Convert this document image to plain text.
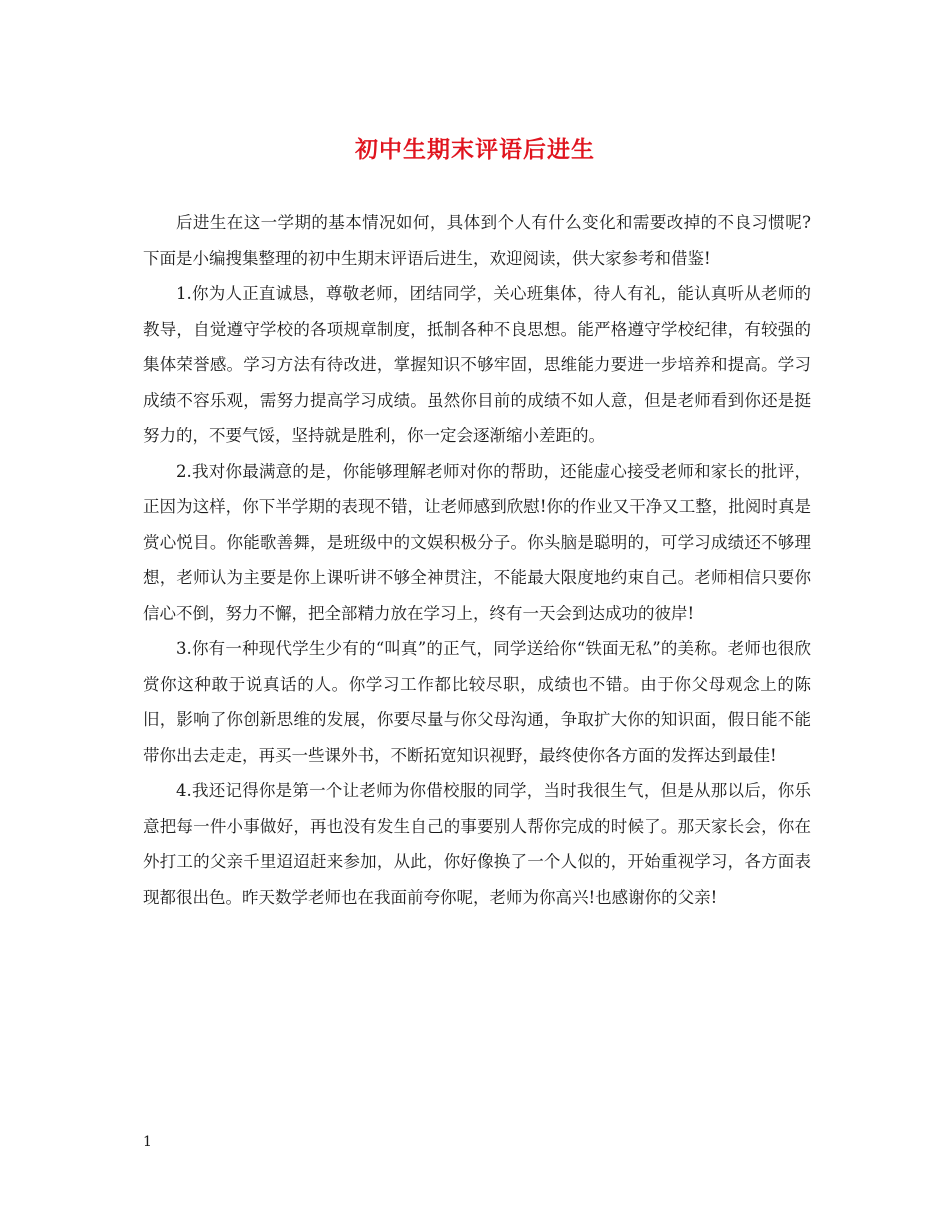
初中生期末评语后进生

后进生在这一学期的基本情况如何，具体到个人有什么变化和需要改掉的不良习惯呢?下面是小编搜集整理的初中生期末评语后进生，欢迎阅读，供大家参考和借鉴!

1.你为人正直诚恳，尊敬老师，团结同学，关心班集体，待人有礼，能认真听从老师的教导，自觉遵守学校的各项规章制度，抵制各种不良思想。能严格遵守学校纪律，有较强的集体荣誉感。学习方法有待改进，掌握知识不够牢固，思维能力要进一步培养和提高。学习成绩不容乐观，需努力提高学习成绩。虽然你目前的成绩不如人意，但是老师看到你还是挺努力的，不要气馁，坚持就是胜利，你一定会逐渐缩小差距的。

2.我对你最满意的是，你能够理解老师对你的帮助，还能虚心接受老师和家长的批评，正因为这样，你下半学期的表现不错，让老师感到欣慰!你的作业又干净又工整，批阅时真是赏心悦目。你能歌善舞，是班级中的文娱积极分子。你头脑是聪明的，可学习成绩还不够理想，老师认为主要是你上课听讲不够全神贯注，不能最大限度地约束自己。老师相信只要你信心不倒，努力不懈，把全部精力放在学习上，终有一天会到达成功的彼岸!

3.你有一种现代学生少有的“叫真”的正气，同学送给你“铁面无私”的美称。老师也很欣赏你这种敢于说真话的人。你学习工作都比较尽职，成绩也不错。由于你父母观念上的陈旧，影响了你创新思维的发展，你要尽量与你父母沟通，争取扩大你的知识面，假日能不能带你出去走走，再买一些课外书，不断拓宽知识视野，最终使你各方面的发挥达到最佳!

4.我还记得你是第一个让老师为你借校服的同学，当时我很生气，但是从那以后，你乐意把每一件小事做好，再也没有发生自己的事要别人帮你完成的时候了。那天家长会，你在外打工的父亲千里迢迢赶来参加，从此，你好像换了一个人似的，开始重视学习，各方面表现都很出色。昨天数学老师也在我面前夸你呢，老师为你高兴!也感谢你的父亲!

1
